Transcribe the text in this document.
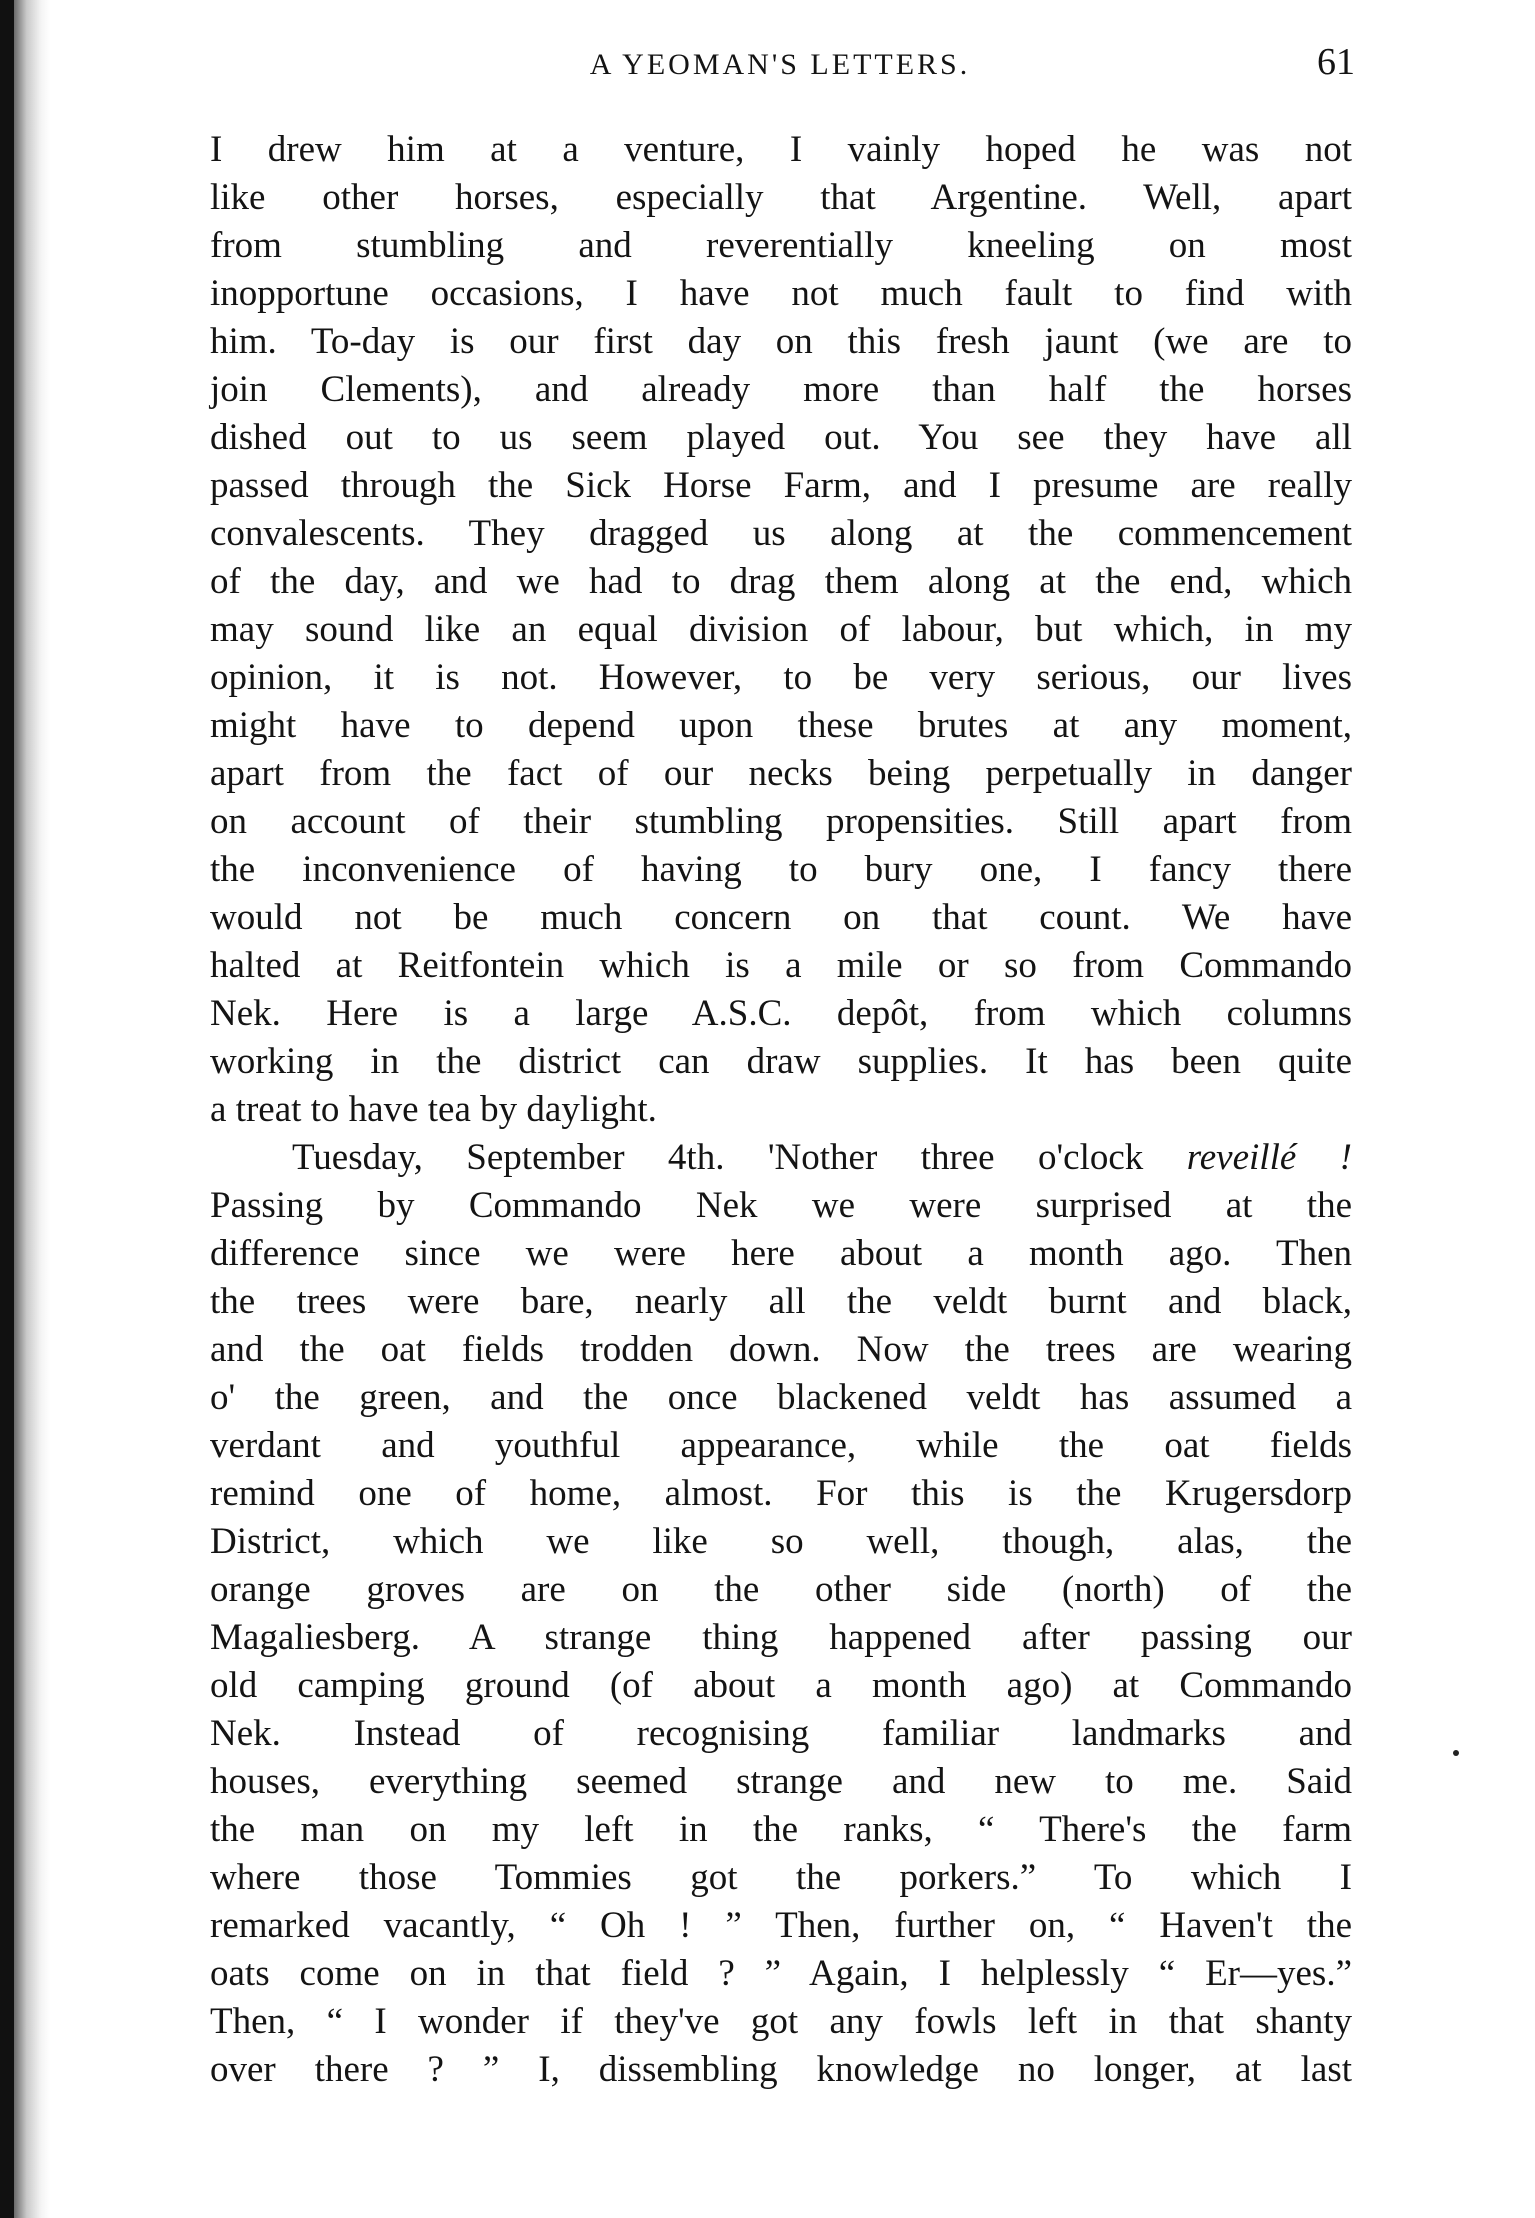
A YEOMAN'S LETTERS.	61
I drew him at a venture, I vainly hoped he was not
like other horses, especially that Argentine. Well, apart
from stumbling and reverentially kneeling on most
inopportune occasions, I have not much fault to find with
him. To-day is our first day on this fresh jaunt (we are to
join Clements), and already more than half the horses
dished out to us seem played out. You see they have all
passed through the Sick Horse Farm, and I presume are really
convalescents. They dragged us along at the commencement
of the day, and we had to drag them along at the end, which
may sound like an equal division of labour, but which, in my
opinion, it is not. However, to be very serious, our lives
might have to depend upon these brutes at any moment,
apart from the fact of our necks being perpetually in danger
on account of their stumbling propensities. Still apart from
the inconvenience of having to bury one, I fancy there
would not be much concern on that count. We have
halted at Reitfontein which is a mile or so from Commando
Nek. Here is a large A.S.C. depôt, from which columns
working in the district can draw supplies. It has been quite
a treat to have tea by daylight.
Tuesday, September 4th. 'Nother three o'clock reveillé !
Passing by Commando Nek we were surprised at the
difference since we were here about a month ago. Then
the trees were bare, nearly all the veldt burnt and black,
and the oat fields trodden down. Now the trees are wearing
o' the green, and the once blackened veldt has assumed a
verdant and youthful appearance, while the oat fields
remind one of home, almost. For this is the Krugersdorp
District, which we like so well, though, alas, the
orange groves are on the other side (north) of the
Magaliesberg. A strange thing happened after passing our
old camping ground (of about a month ago) at Commando
Nek. Instead of recognising familiar landmarks and
houses, everything seemed strange and new to me. Said
the man on my left in the ranks, “ There's the farm
where those Tommies got the porkers.” To which I
remarked vacantly, “ Oh ! ” Then, further on, “ Haven't the
oats come on in that field ? ” Again, I helplessly “ Er—yes.”
Then, “ I wonder if they've got any fowls left in that shanty
over there ? ” I, dissembling knowledge no longer, at last
